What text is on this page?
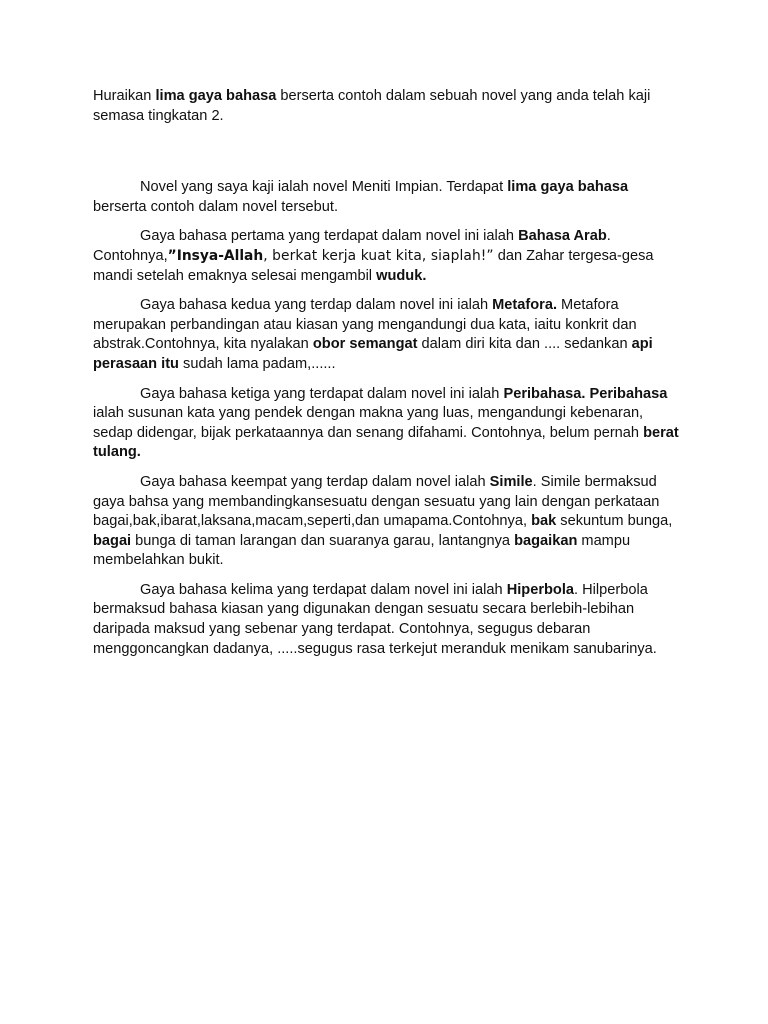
Huraikan lima gaya bahasa berserta contoh dalam sebuah novel yang anda telah kaji semasa tingkatan 2.

Novel yang saya kaji ialah novel Meniti Impian. Terdapat lima gaya bahasa berserta contoh dalam novel tersebut.

Gaya bahasa pertama yang terdapat dalam novel ini ialah Bahasa Arab. Contohnya,”Insya-Allah, berkat kerja kuat kita, siaplah!” dan Zahar tergesa-gesa mandi setelah emaknya selesai mengambil wuduk.

Gaya bahasa kedua yang terdap dalam novel ini ialah Metafora. Metafora merupakan perbandingan atau kiasan yang mengandungi dua kata, iaitu konkrit dan abstrak.Contohnya, kita nyalakan obor semangat dalam diri kita dan .... sedankan api perasaan itu sudah lama padam,......

Gaya bahasa ketiga yang terdapat dalam novel ini ialah Peribahasa. Peribahasa ialah susunan kata yang pendek dengan makna yang luas, mengandungi kebenaran, sedap didengar, bijak perkataannya dan senang difahami. Contohnya, belum pernah berat tulang.

Gaya bahasa keempat yang terdap dalam novel ialah Simile. Simile bermaksud gaya bahsa yang membandingkansesuatu dengan sesuatu yang lain dengan perkataan bagai,bak,ibarat,laksana,macam,seperti,dan umapama.Contohnya, bak sekuntum bunga, bagai bunga di taman larangan dan suaranya garau, lantangnya bagaikan mampu membelahkan bukit.

Gaya bahasa kelima yang terdapat dalam novel ini ialah Hiperbola. Hilperbola bermaksud bahasa kiasan yang digunakan dengan sesuatu secara berlebih-lebihan daripada maksud yang sebenar yang terdapat. Contohnya, segugus debaran menggoncangkan dadanya, .....segugus rasa terkejut meranduk menikam sanubarinya.
